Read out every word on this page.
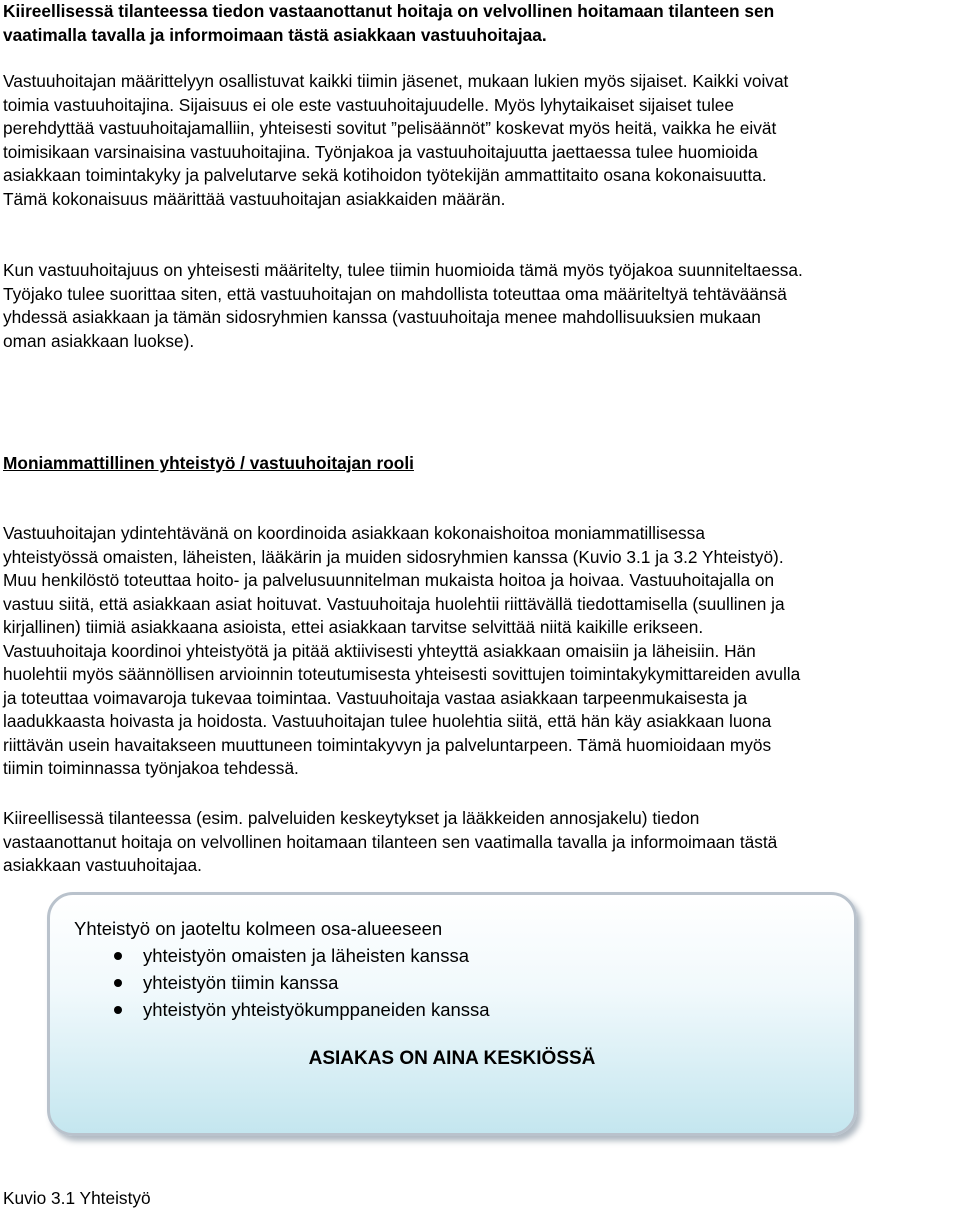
Kiireellisessä tilanteessa tiedon vastaanottanut hoitaja on velvollinen hoitamaan tilanteen sen
vaatimalla tavalla ja informoimaan tästä asiakkaan vastuuhoitajaa.

Vastuuhoitajan määrittelyyn osallistuvat kaikki tiimin jäsenet, mukaan lukien myös sijaiset. Kaikki voivat
toimia vastuuhoitajina. Sijaisuus ei ole este vastuuhoitajuudelle. Myös lyhytaikaiset sijaiset tulee
perehdyttää vastuuhoitajamalliin, yhteisesti sovitut ”pelisäännöt” koskevat myös heitä, vaikka he eivät
toimisikaan varsinaisina vastuuhoitajina. Työnjakoa ja vastuuhoitajuutta jaettaessa tulee huomioida
asiakkaan toimintakyky ja palvelutarve sekä kotihoidon työtekijän ammattitaito osana kokonaisuutta.
Tämä kokonaisuus määrittää vastuuhoitajan asiakkaiden määrän.

Kun vastuuhoitajuus on yhteisesti määritelty, tulee tiimin huomioida tämä myös työjakoa suunniteltaessa.
Työjako tulee suorittaa siten, että vastuuhoitajan on mahdollista toteuttaa oma määriteltyä tehtäväänsä
yhdessä asiakkaan ja tämän sidosryhmien kanssa (vastuuhoitaja menee mahdollisuuksien mukaan
oman asiakkaan luokse).

Moniammattillinen yhteistyö / vastuuhoitajan rooli

Vastuuhoitajan ydintehtävänä on koordinoida asiakkaan kokonaishoitoa moniammatillisessa
yhteistyössä omaisten, läheisten, lääkärin ja muiden sidosryhmien kanssa (Kuvio 3.1 ja 3.2 Yhteistyö).
Muu henkilöstö toteuttaa hoito- ja palvelusuunnitelman mukaista hoitoa ja hoivaa. Vastuuhoitajalla on
vastuu siitä, että asiakkaan asiat hoituvat. Vastuuhoitaja huolehtii riittävällä tiedottamisella (suullinen ja
kirjallinen) tiimiä asiakkaana asioista, ettei asiakkaan tarvitse selvittää niitä kaikille erikseen.
Vastuuhoitaja koordinoi yhteistyötä ja pitää aktiivisesti yhteyttä asiakkaan omaisiin ja läheisiin. Hän
huolehtii myös säännöllisen arvioinnin toteutumisesta yhteisesti sovittujen toimintakykymittareiden avulla
ja toteuttaa voimavaroja tukevaa toimintaa. Vastuuhoitaja vastaa asiakkaan tarpeenmukaisesta ja
laadukkaasta hoivasta ja hoidosta. Vastuuhoitajan tulee huolehtia siitä, että hän käy asiakkaan luona
riittävän usein havaitakseen muuttuneen toimintakyvyn ja palveluntarpeen. Tämä huomioidaan myös
tiimin toiminnassa työnjakoa tehdessä.

Kiireellisessä tilanteessa (esim. palveluiden keskeytykset ja lääkkeiden annosjakelu) tiedon
vastaanottanut hoitaja on velvollinen hoitamaan tilanteen sen vaatimalla tavalla ja informoimaan tästä
asiakkaan vastuuhoitajaa.

Yhteistyö on jaoteltu kolmeen osa-alueeseen
yhteistyön omaisten ja läheisten kanssa
yhteistyön tiimin kanssa
yhteistyön yhteistyökumppaneiden kanssa
ASIAKAS ON AINA KESKIÖSSÄ

Kuvio 3.1 Yhteistyö
